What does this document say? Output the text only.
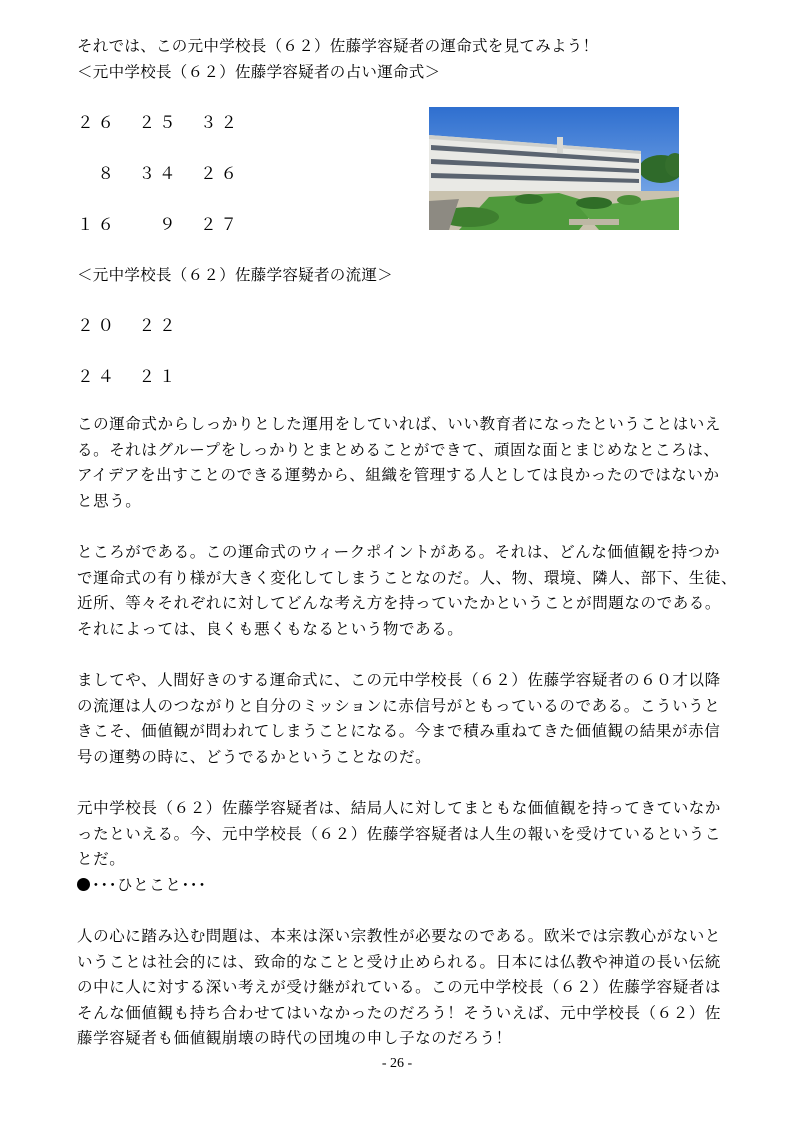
それでは、この元中学校長（６２）佐藤学容疑者の運命式を見てみよう！
＜元中学校長（６２）佐藤学容疑者の占い運命式＞
２６　２５　３２
　８　３４　２６
１６　　９　２７
＜元中学校長（６２）佐藤学容疑者の流運＞
２０　２２
２４　２１
この運命式からしっかりとした運用をしていれば、いい教育者になったということはいえ
る。それはグループをしっかりとまとめることができて、頑固な面とまじめなところは、
アイデアを出すことのできる運勢から、組織を管理する人としては良かったのではないか
と思う。
ところがである。この運命式のウィークポイントがある。それは、どんな価値観を持つか
で運命式の有り様が大きく変化してしまうことなのだ。人、物、環境、隣人、部下、生徒、
近所、等々それぞれに対してどんな考え方を持っていたかということが問題なのである。
それによっては、良くも悪くもなるという物である。
ましてや、人間好きのする運命式に、この元中学校長（６２）佐藤学容疑者の６０才以降
の流運は人のつながりと自分のミッションに赤信号がともっているのである。こういうと
きこそ、価値観が問われてしまうことになる。今まで積み重ねてきた価値観の結果が赤信
号の運勢の時に、どうでるかということなのだ。
元中学校長（６２）佐藤学容疑者は、結局人に対してまともな価値観を持ってきていなか
ったといえる。今、元中学校長（６２）佐藤学容疑者は人生の報いを受けているというこ
とだ。
･･･ひとこと･･･
人の心に踏み込む問題は、本来は深い宗教性が必要なのである。欧米では宗教心がないと
いうことは社会的には、致命的なことと受け止められる。日本には仏教や神道の長い伝統
の中に人に対する深い考えが受け継がれている。この元中学校長（６２）佐藤学容疑者は
そんな価値観も持ち合わせてはいなかったのだろう！そういえば、元中学校長（６２）佐
藤学容疑者も価値観崩壊の時代の団塊の申し子なのだろう！
- 26 -
